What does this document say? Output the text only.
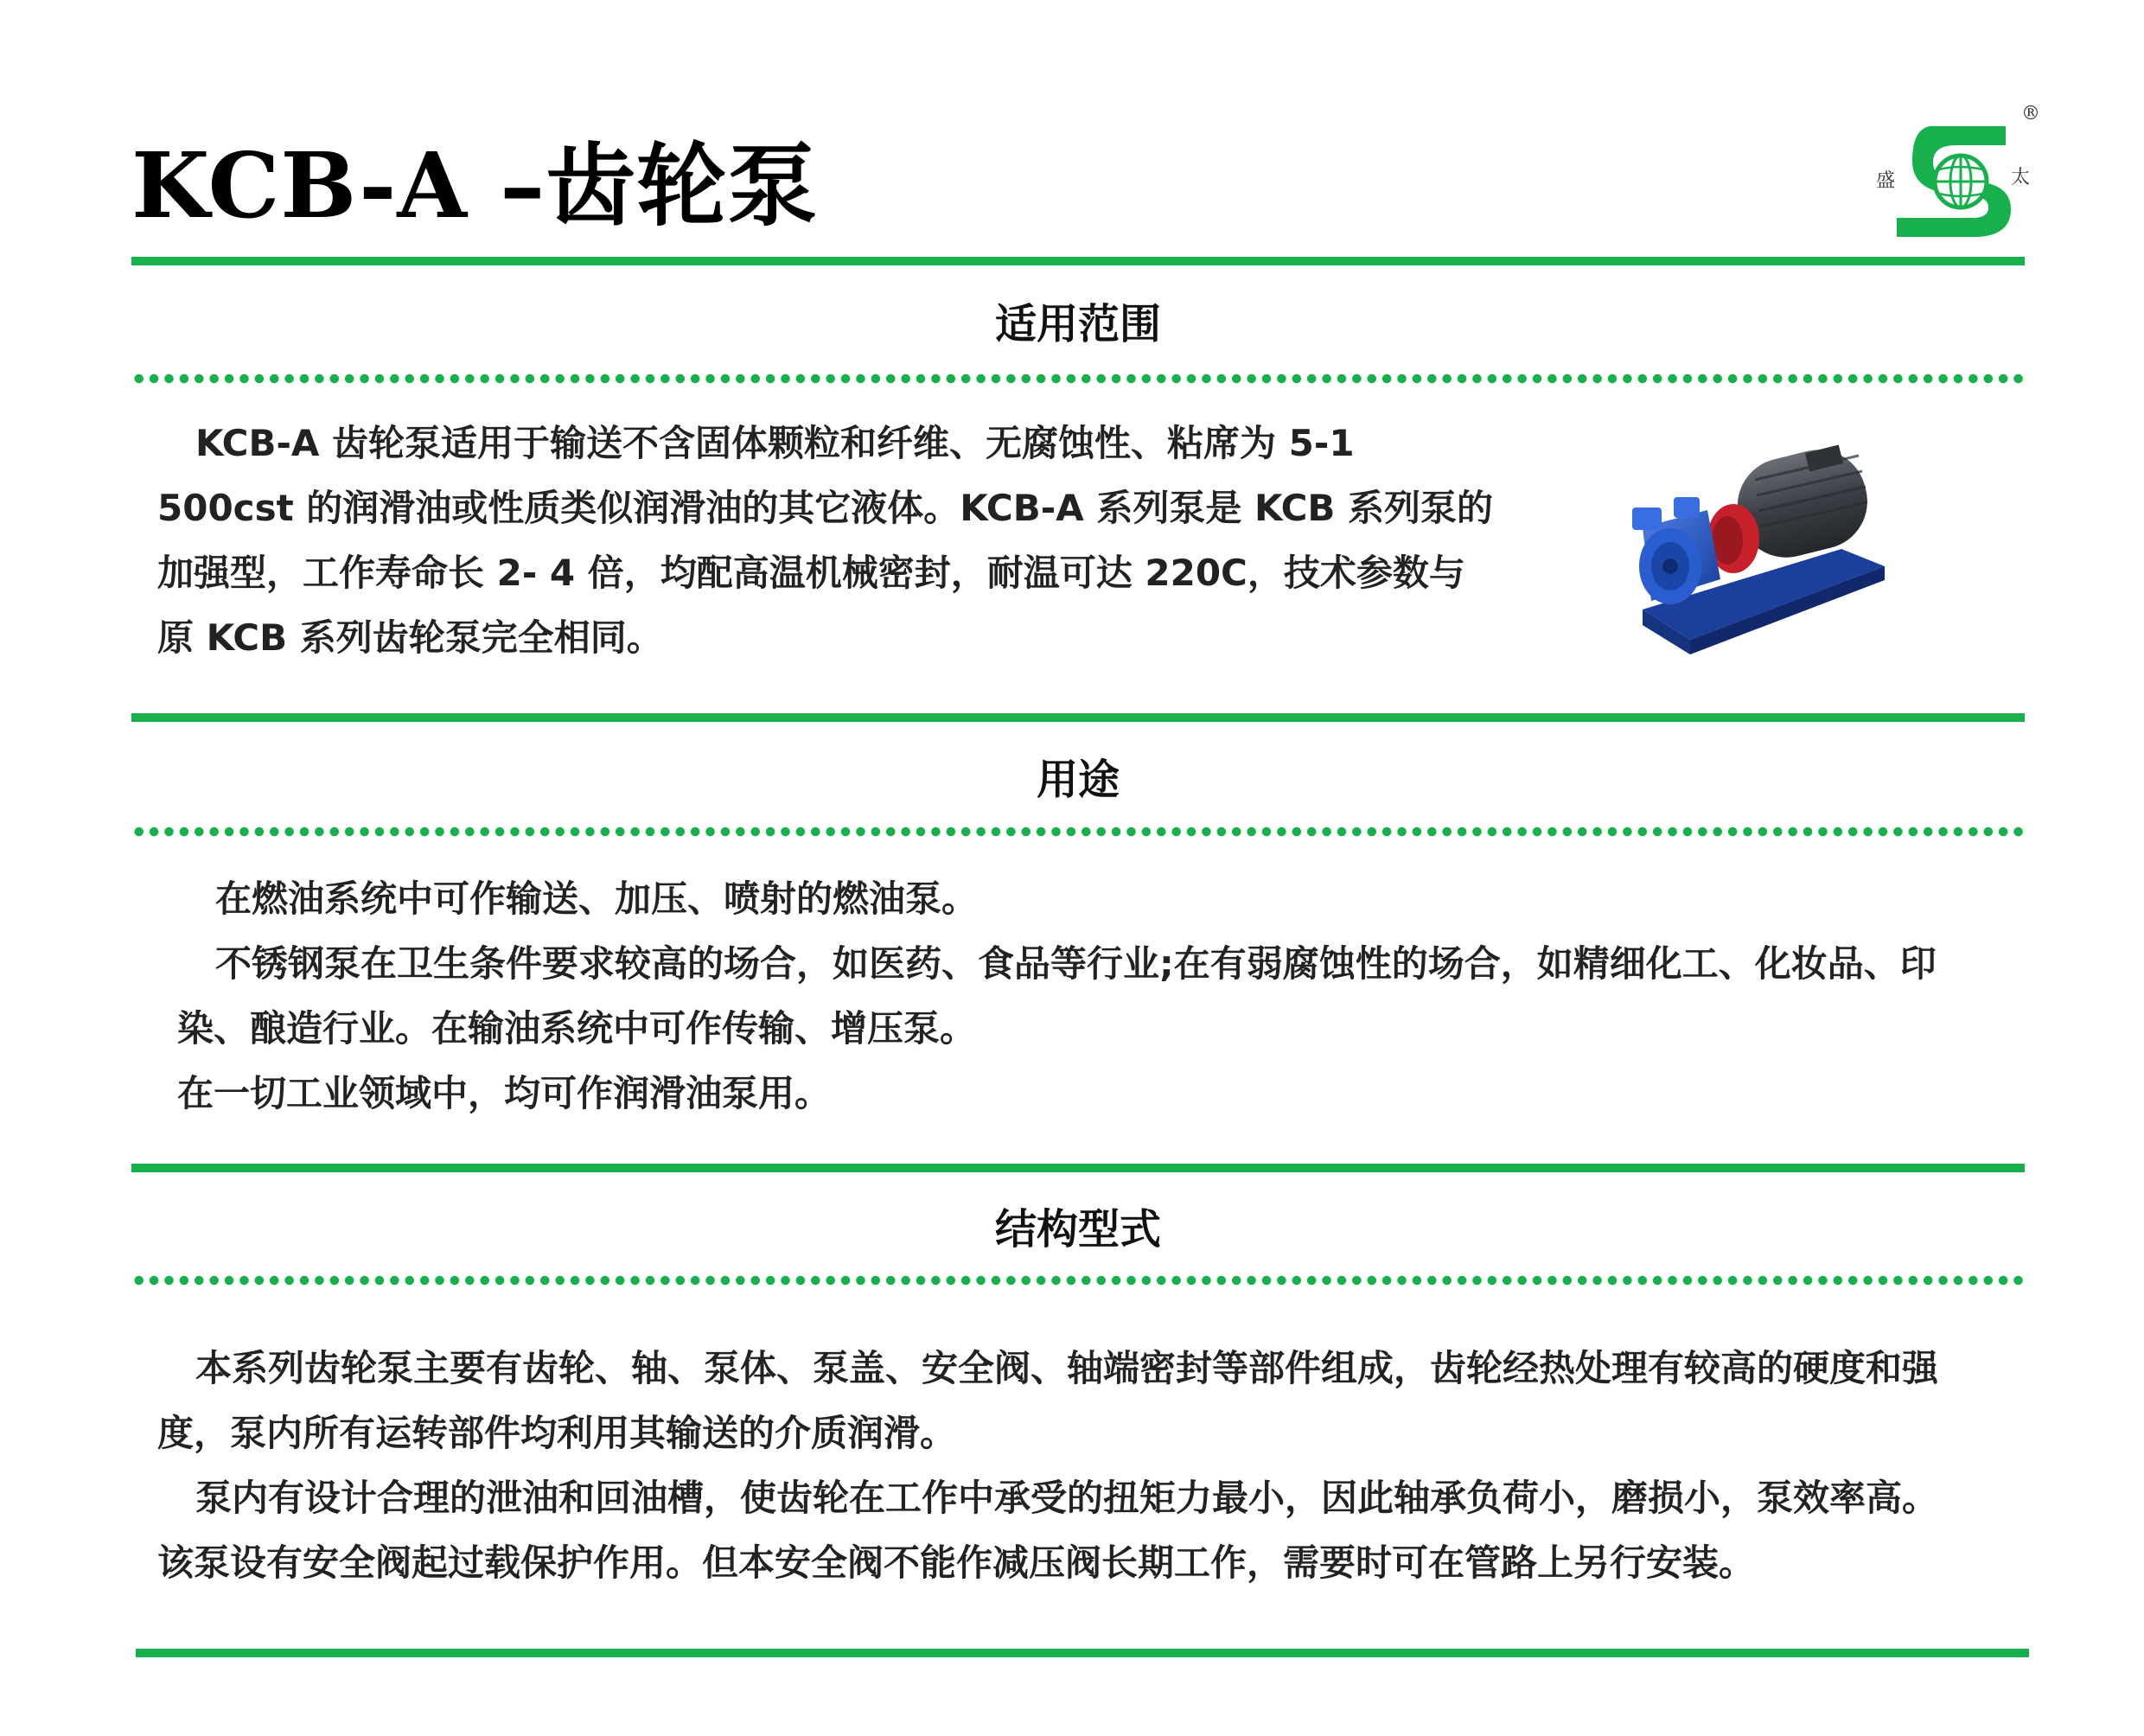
KCB-A –齿轮泵
®
盛	太
适用范围

KCB-A 齿轮泵适用于输送不含固体颗粒和纤维、无腐蚀性、粘席为 5-1

500cst 的润滑油或性质类似润滑油的其它液体。KCB-A 系列泵是 KCB 系列泵的

加强型，工作寿命长 2- 4 倍，均配高温机械密封，耐温可达 220C，技术参数与

原 KCB 系列齿轮泵完全相同。

用途

在燃油系统中可作输送、加压、喷射的燃油泵。

不锈钢泵在卫生条件要求较高的场合，如医药、食品等行业;在有弱腐蚀性的场合，如精细化工、化妆品、印

染、酿造行业。在输油系统中可作传输、增压泵。

在一切工业领域中，均可作润滑油泵用。

结构型式

本系列齿轮泵主要有齿轮、轴、泵体、泵盖、安全阀、轴端密封等部件组成，齿轮经热处理有较高的硬度和强

度，泵内所有运转部件均利用其输送的介质润滑。

泵内有设计合理的泄油和回油槽，使齿轮在工作中承受的扭矩力最小，因此轴承负荷小，磨损小，泵效率高。

该泵设有安全阀起过载保护作用。但本安全阀不能作减压阀长期工作，需要时可在管路上另行安装。
